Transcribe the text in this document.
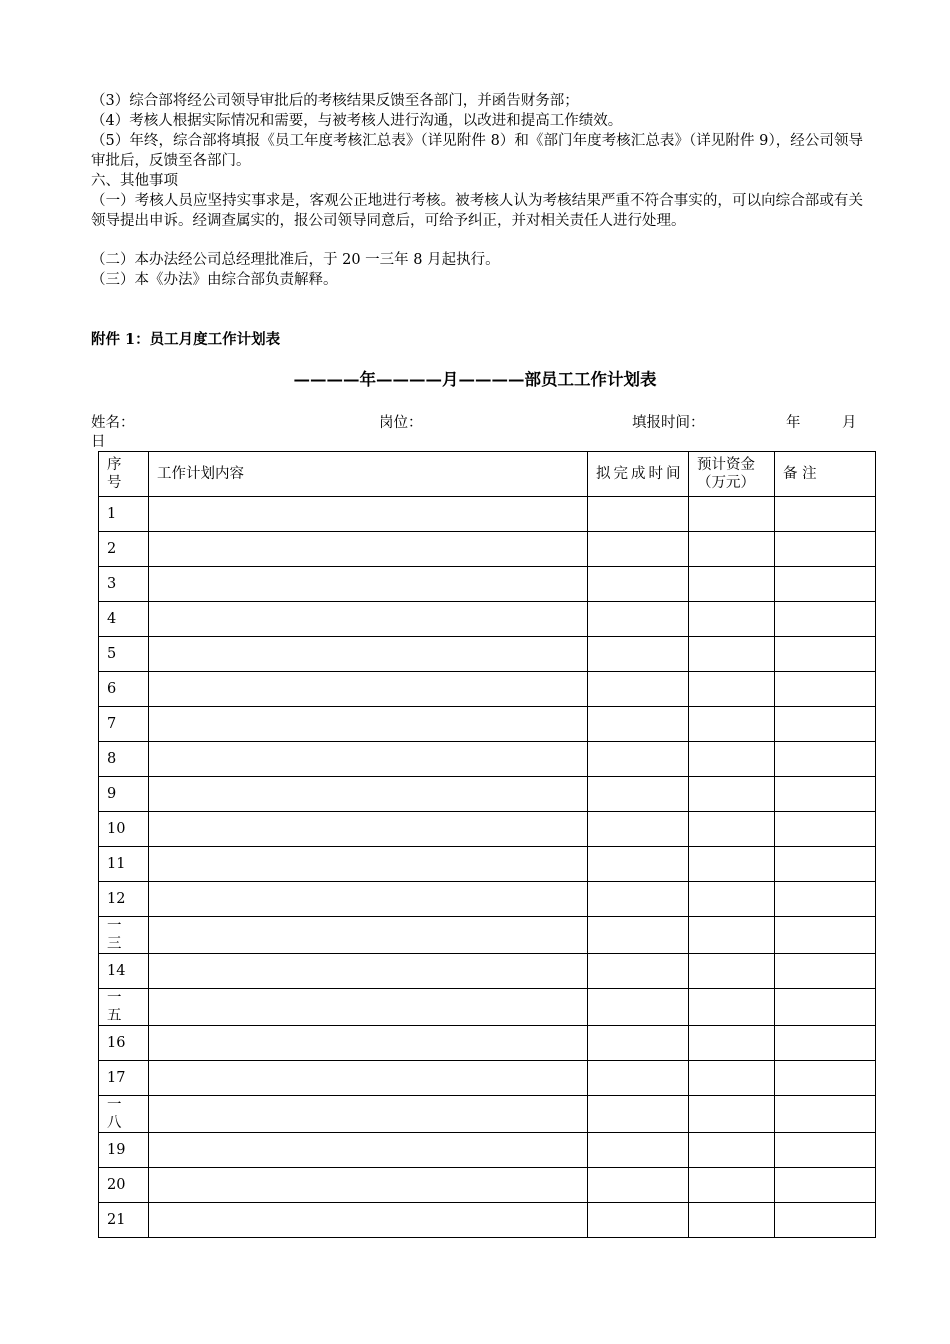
（3）综合部将经公司领导审批后的考核结果反馈至各部门，并函告财务部；
（4）考核人根据实际情况和需要，与被考核人进行沟通，以改进和提高工作绩效。
（5）年终，综合部将填报《员工年度考核汇总表》（详见附件 8）和《部门年度考核汇总表》（详见附件 9），经公司领导审批后，反馈至各部门。
六、其他事项
（一）考核人员应坚持实事求是，客观公正地进行考核。被考核人认为考核结果严重不符合事实的，可以向综合部或有关领导提出申诉。经调查属实的，报公司领导同意后，可给予纠正，并对相关责任人进行处理。
（二）本办法经公司总经理批准后，于 20 一三年 8 月起执行。
（三）本《办法》由综合部负责解释。
附件 1：员工月度工作计划表
————年————月————部员工工作计划表
姓名：	岗位：	填报时间：	年	月
日
序号	工作计划内容	拟完成时间	预计资金（万元）	备 注
1				
2				
3				
4				
5				
6				
7				
8				
9				
10				
11				
12				
一三				
14				
一五				
16				
17				
一八				
19				
20				
21				
